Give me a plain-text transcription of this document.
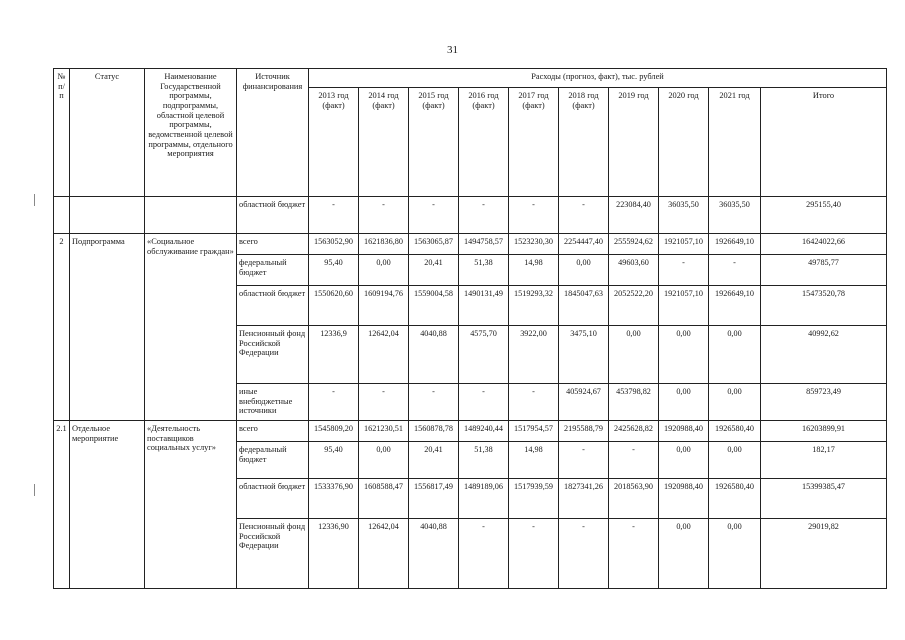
31
№ п/п	Статус	Наименование Государственной программы, подпрограммы, областной целевой программы, ведомственной целевой программы, отдельного мероприятия	Источник финансирования	Расходы (прогноз, факт), тыс. рублей									
				2013 год (факт)	2014 год (факт)	2015 год (факт)	2016 год (факт)	2017 год (факт)	2018 год (факт)	2019 год	2020 год	2021 год	Итого
			областной бюджет	-	-	-	-	-	-	223084,40	36035,50	36035,50	295155,40
2	Подпрограмма	«Социальное обслуживание граждан»	всего	1563052,90	1621836,80	1563065,87	1494758,57	1523230,30	2254447,40	2555924,62	1921057,10	1926649,10	16424022,66
			федеральный бюджет	95,40	0,00	20,41	51,38	14,98	0,00	49603,60	-	-	49785,77
			областной бюджет	1550620,60	1609194,76	1559004,58	1490131,49	1519293,32	1845047,63	2052522,20	1921057,10	1926649,10	15473520,78
			Пенсионный фонд Российской Федерации	12336,9	12642,04	4040,88	4575,70	3922,00	3475,10	0,00	0,00	0,00	40992,62
			иные внебюджетные источники	-	-	-	-	-	405924,67	453798,82	0,00	0,00	859723,49
2.1	Отдельное мероприятие	«Деятельность поставщиков социальных услуг»	всего	1545809,20	1621230,51	1560878,78	1489240,44	1517954,57	2195588,79	2425628,82	1920988,40	1926580,40	16203899,91
			федеральный бюджет	95,40	0,00	20,41	51,38	14,98	-	-	0,00	0,00	182,17
			областной бюджет	1533376,90	1608588,47	1556817,49	1489189,06	1517939,59	1827341,26	2018563,90	1920988,40	1926580,40	15399385,47
			Пенсионный фонд Российской Федерации	12336,90	12642,04	4040,88	-	-	-	-	0,00	0,00	29019,82
